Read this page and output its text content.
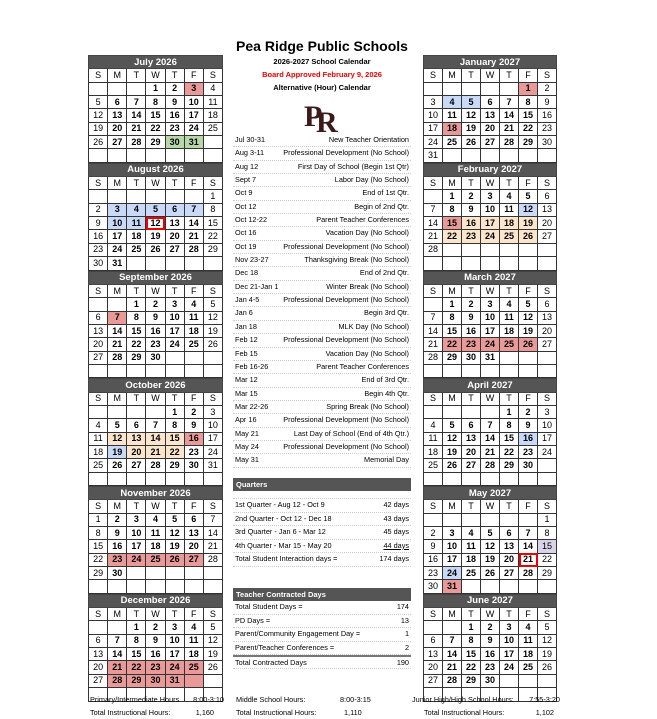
July 2026						
S	M	T	W	T	F	S
			1	2	3	4
5	6	7	8	9	10	11
12	13	14	15	16	17	18
19	20	21	22	23	24	25
26	27	28	29	30	31	

August 2026						
S	M	T	W	T	F	S
						1
2	3	4	5	6	7	8
9	10	11	12	13	14	15
16	17	18	19	20	21	22
23	24	25	26	27	28	29
30	31					
September 2026						
S	M	T	W	T	F	S
		1	2	3	4	5
6	7	8	9	10	11	12
13	14	15	16	17	18	19
20	21	22	23	24	25	26
27	28	29	30			

October 2026						
S	M	T	W	T	F	S
				1	2	3
4	5	6	7	8	9	10
11	12	13	14	15	16	17
18	19	20	21	22	23	24
25	26	27	28	29	30	31

November 2026						
S	M	T	W	T	F	S
1	2	3	4	5	6	7
8	9	10	11	12	13	14
15	16	17	18	19	20	21
22	23	24	25	26	27	28
29	30					

December 2026						
S	M	T	W	T	F	S
		1	2	3	4	5
6	7	8	9	10	11	12
13	14	15	16	17	18	19
20	21	22	23	24	25	26
27	28	29	30	31		

January 2027						
S	M	T	W	T	F	S
					1	2
3	4	5	6	7	8	9
10	11	12	13	14	15	16
17	18	19	20	21	22	23
24	25	26	27	28	29	30
31						
February 2027						
S	M	T	W	T	F	S
	1	2	3	4	5	6
7	8	9	10	11	12	13
14	15	16	17	18	19	20
21	22	23	24	25	26	27
28						

March 2027						
S	M	T	W	T	F	S
	1	2	3	4	5	6
7	8	9	10	11	12	13
14	15	16	17	18	19	20
21	22	23	24	25	26	27
28	29	30	31			

April 2027						
S	M	T	W	T	F	S
				1	2	3
4	5	6	7	8	9	10
11	12	13	14	15	16	17
18	19	20	21	22	23	24
25	26	27	28	29	30	

May 2027						
S	M	T	W	T	F	S
						1
2	3	4	5	6	7	8
9	10	11	12	13	14	15
16	17	18	19	20	21	22
23	24	25	26	27	28	29
30	31					
June 2027						
S	M	T	W	T	F	S
		1	2	3	4	5
6	7	8	9	10	11	12
13	14	15	16	17	18	19
20	21	22	23	24	25	26
27	28	29	30			

Pea Ridge Public Schools
2026-2027 School Calendar
Board Approved February 9, 2026
Alternative (Hour) Calendar
P
R
Jul 30-31	New Teacher Orientation
Aug 3-11	Professional Development (No School)
Aug 12	First Day of School (Begin 1st Qtr)
Sept 7	Labor Day (No School)
Oct 9	End of 1st Qtr.
Oct 12	Begin of 2nd Qtr.
Oct 12-22	Parent Teacher Conferences
Oct 16	Vacation Day (No School)
Oct 19	Professional Development (No School)
Nov 23-27	Thanksgiving Break (No School)
Dec 18	End of 2nd Qtr.
Dec 21-Jan 1	Winter Break (No School)
Jan 4-5	Professional Development (No School)
Jan 6	Begin 3rd Qtr.
Jan 18	MLK Day (No School)
Feb 12	Professional Development (No School)
Feb 15	Vacation Day (No School)
Feb 16-26	Parent Teacher Conferences
Mar 12	End of 3rd Qtr.
Mar 15	Begin 4th Qtr.
Mar 22-26	Spring Break (No School)
Apr 16	Professional Development (No School)
May 21	Last Day of School (End of 4th Qtr.)
May 24	Professional Development (No School)
May 31	Memorial Day
Quarters
1st Quarter - Aug 12 - Oct 9	42 days
2nd Quarter - Oct 12 - Dec 18	43 days
3rd Quarter - Jan 6 - Mar 12	45 days
4th Quarter - Mar 15 - May 20	44 days
Total Student Interaction days =	174 days
Teacher Contracted Days
Total Student Days =	174
PD Days =	13
Parent/Community Engagement Day =	1
Parent/Teacher Conferences =	2
Total Contracted Days	190
Primary/Intermediate Hours 8:00-3:10
Total Instructional Hours:	1,160
Middle School Hours:	8:00-3:15
Total Instructional Hours:	1,110
Junior High/High School Hours: 7:55-3:20
Total Instructional Hours:	1,102
